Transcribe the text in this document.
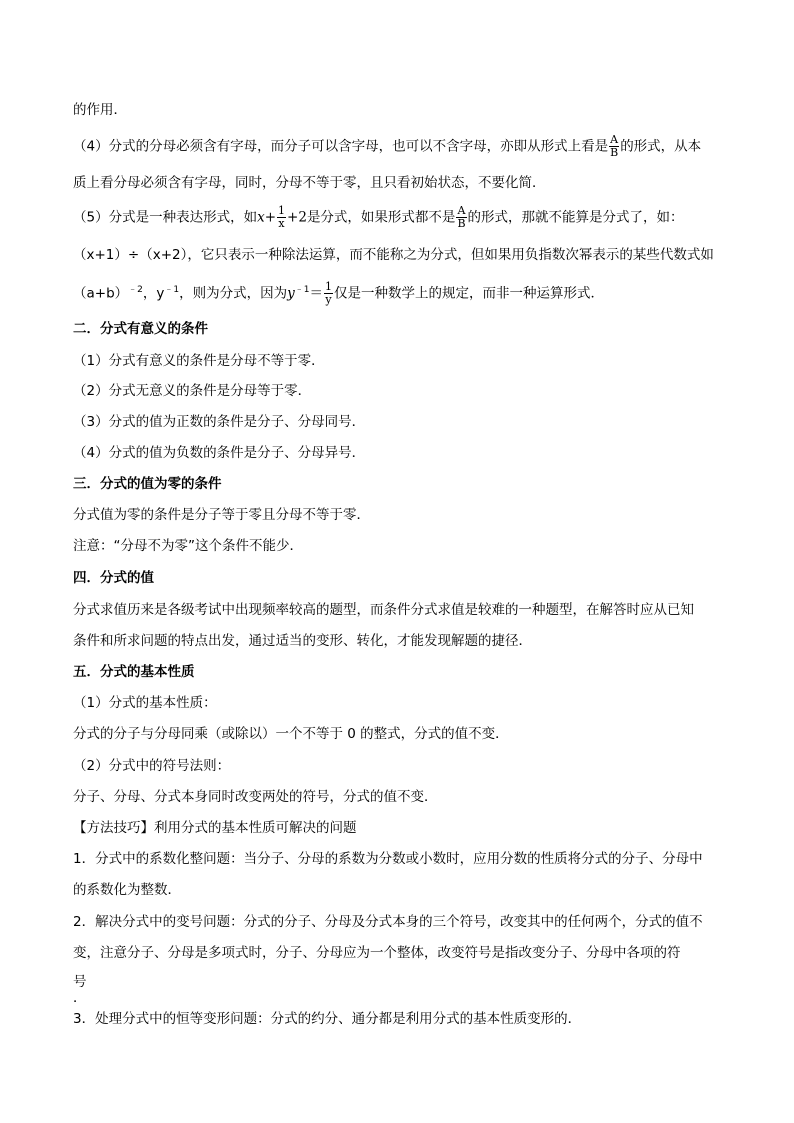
的作用．
（4）分式的分母必须含有字母，而分子可以含字母，也可以不含字母，亦即从形式上看是 $\frac{A}{B}$ 的形式，从本
质上看分母必须含有字母，同时，分母不等于零，且只看初始状态，不要化简．
（5）分式是一种表达形式，如$x+ \frac{1}{x} +2$是分式，如果形式都不是 $\frac{A}{B}$ 的形式，那就不能算是分式了，如：
（x+1）÷（x+2），它只表示一种除法运算，而不能称之为分式，但如果用负指数次幂表示的某些代数式如
$(a+b)^{﹣2}$，$y^{﹣1}$，则为分式，因为$y^{﹣1}= \frac{1}{y}$ 仅是一种数学上的规定，而非一种运算形式．
二．分式有意义的条件
（1）分式有意义的条件是分母不等于零．
（2）分式无意义的条件是分母等于零．
（3）分式的值为正数的条件是分子、分母同号．
（4）分式的值为负数的条件是分子、分母异号．
三．分式的值为零的条件
分式值为零的条件是分子等于零且分母不等于零．
注意：“分母不为零”这个条件不能少．
四．分式的值
分式求值历来是各级考试中出现频率较高的题型，而条件分式求值是较难的一种题型，在解答时应从已知
条件和所求问题的特点出发，通过适当的变形、转化，才能发现解题的捷径．
五．分式的基本性质
（1）分式的基本性质：
分式的分子与分母同乘（或除以）一个不等于 0 的整式，分式的值不变．
（2）分式中的符号法则：
分子、分母、分式本身同时改变两处的符号，分式的值不变．
【方法技巧】利用分式的基本性质可解决的问题
1．分式中的系数化整问题：当分子、分母的系数为分数或小数时，应用分数的性质将分式的分子、分母中
的系数化为整数．
2．解决分式中的变号问题：分式的分子、分母及分式本身的三个符号，改变其中的任何两个，分式的值不
变，注意分子、分母是多项式时，分子、分母应为一个整体，改变符号是指改变分子、分母中各项的符
号
．
3．处理分式中的恒等变形问题：分式的约分、通分都是利用分式的基本性质变形的．
